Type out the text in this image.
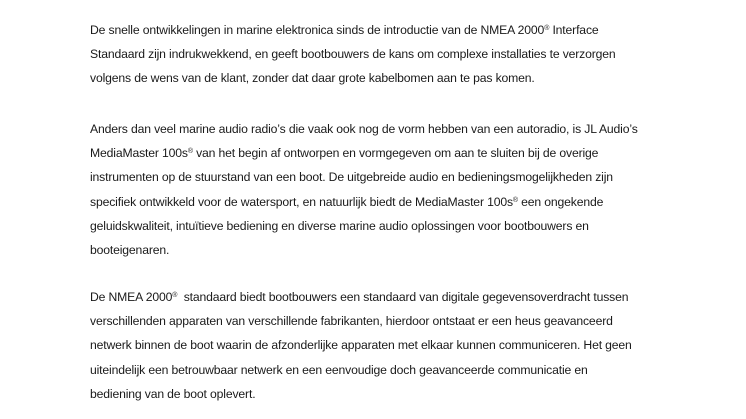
De snelle ontwikkelingen in marine elektronica sinds de introductie van de NMEA 2000® Interface
Standaard zijn indrukwekkend, en geeft bootbouwers de kans om complexe installaties te verzorgen
volgens de wens van de klant, zonder dat daar grote kabelbomen aan te pas komen.

Anders dan veel marine audio radio’s die vaak ook nog de vorm hebben van een autoradio, is JL Audio’s
MediaMaster 100s® van het begin af ontworpen en vormgegeven om aan te sluiten bij de overige
instrumenten op de stuurstand van een boot. De uitgebreide audio en bedieningsmogelijkheden zijn
specifiek ontwikkeld voor de watersport, en natuurlijk biedt de MediaMaster 100s® een ongekende
geluidskwaliteit, intuïtieve bediening en diverse marine audio oplossingen voor bootbouwers en
booteigenaren.

De NMEA 2000®  standaard biedt bootbouwers een standaard van digitale gegevensoverdracht tussen
verschillenden apparaten van verschillende fabrikanten, hierdoor ontstaat er een heus geavanceerd
netwerk binnen de boot waarin de afzonderlijke apparaten met elkaar kunnen communiceren. Het geen
uiteindelijk een betrouwbaar netwerk en een eenvoudige doch geavanceerde communicatie en
bediening van de boot oplevert.
